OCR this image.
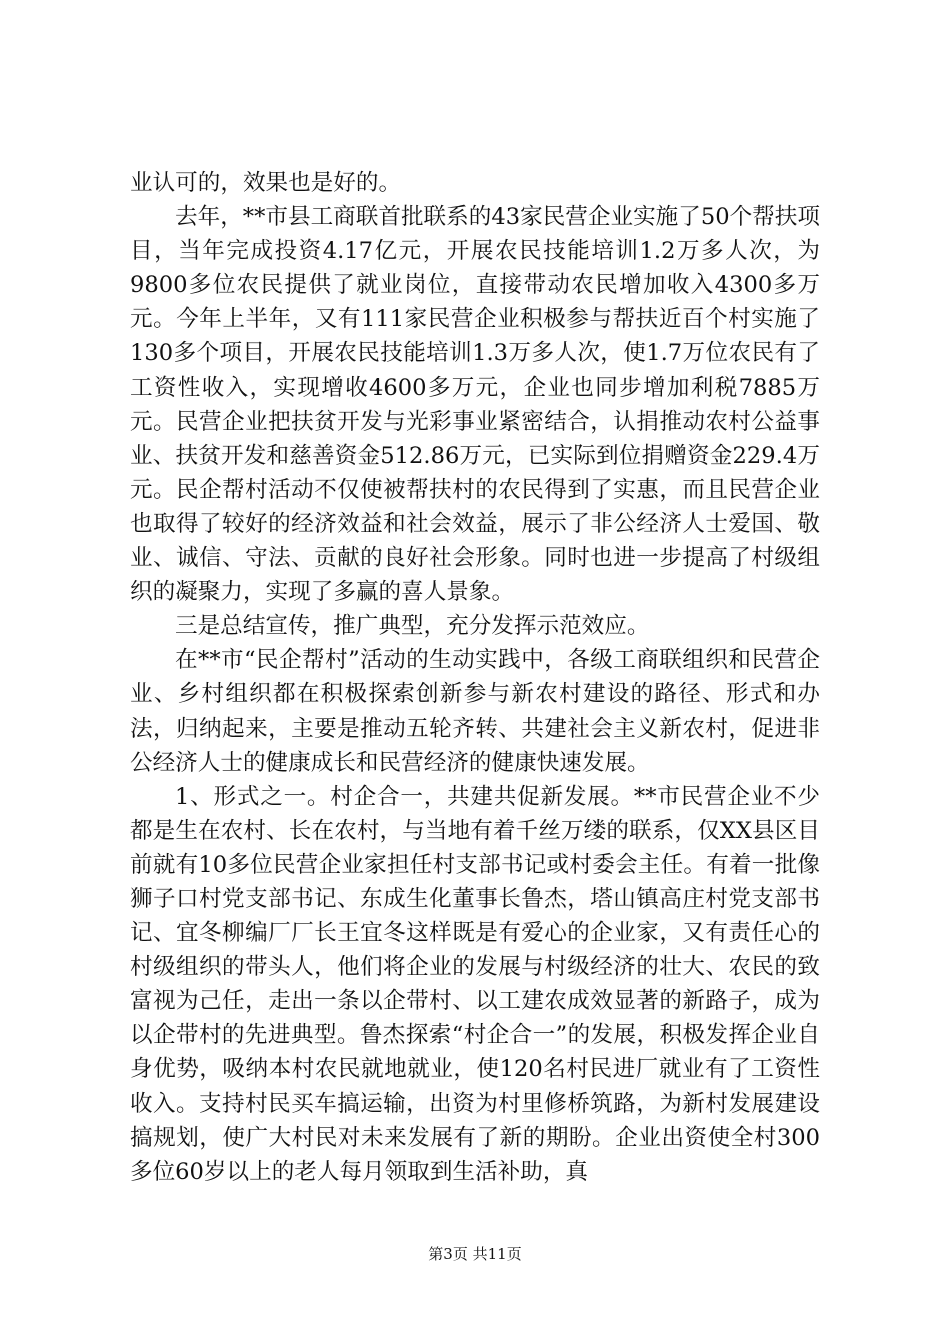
业认可的，效果也是好的。

去年，**市县工商联首批联系的43家民营企业实施了50个帮扶项目，当年完成投资4.17亿元，开展农民技能培训1.2万多人次，为9800多位农民提供了就业岗位，直接带动农民增加收入4300多万元。今年上半年，又有111家民营企业积极参与帮扶近百个村实施了130多个项目，开展农民技能培训1.3万多人次，使1.7万位农民有了工资性收入，实现增收4600多万元，企业也同步增加利税7885万元。民营企业把扶贫开发与光彩事业紧密结合，认捐推动农村公益事业、扶贫开发和慈善资金512.86万元，已实际到位捐赠资金229.4万元。民企帮村活动不仅使被帮扶村的农民得到了实惠，而且民营企业也取得了较好的经济效益和社会效益，展示了非公经济人士爱国、敬业、诚信、守法、贡献的良好社会形象。同时也进一步提高了村级组织的凝聚力，实现了多赢的喜人景象。

三是总结宣传，推广典型，充分发挥示范效应。

在**市“民企帮村”活动的生动实践中，各级工商联组织和民营企业、乡村组织都在积极探索创新参与新农村建设的路径、形式和办法，归纳起来，主要是推动五轮齐转、共建社会主义新农村，促进非公经济人士的健康成长和民营经济的健康快速发展。

1、形式之一。村企合一，共建共促新发展。**市民营企业不少都是生在农村、长在农村，与当地有着千丝万缕的联系，仅XX县区目前就有10多位民营企业家担任村支部书记或村委会主任。有着一批像狮子口村党支部书记、东成生化董事长鲁杰，塔山镇高庄村党支部书记、宜冬柳编厂厂长王宜冬这样既是有爱心的企业家，又有责任心的村级组织的带头人，他们将企业的发展与村级经济的壮大、农民的致富视为己任，走出一条以企带村、以工建农成效显著的新路子，成为以企带村的先进典型。鲁杰探索“村企合一”的发展，积极发挥企业自身优势，吸纳本村农民就地就业，使120名村民进厂就业有了工资性收入。支持村民买车搞运输，出资为村里修桥筑路，为新村发展建设搞规划，使广大村民对未来发展有了新的期盼。企业出资使全村300多位60岁以上的老人每月领取到生活补助，真

第3页 共11页
